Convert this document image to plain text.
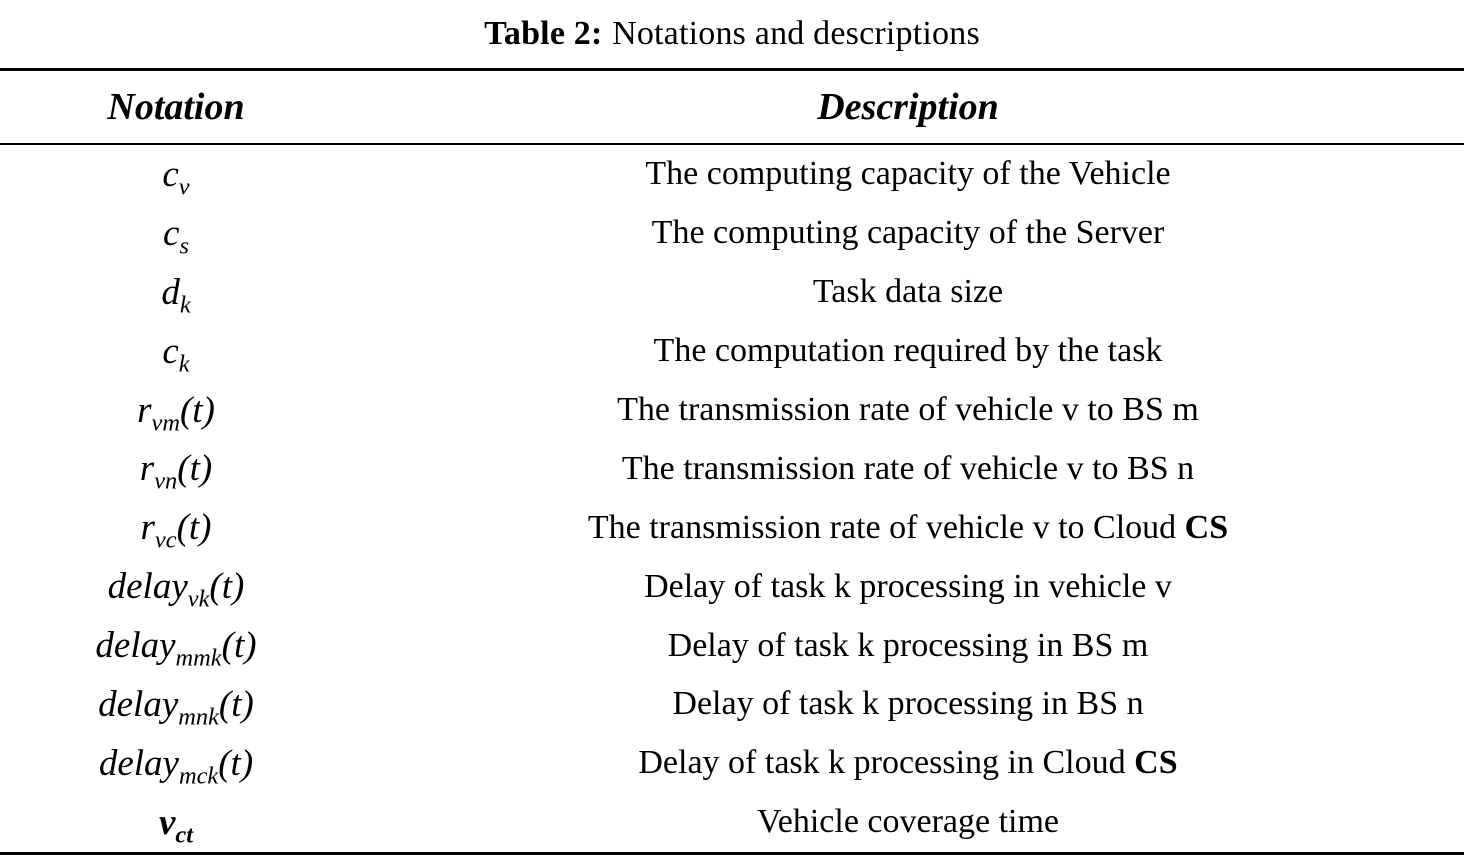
Table 2: Notations and descriptions
Notation	Description
$c_v$	The computing capacity of the Vehicle
$c_s$	The computing capacity of the Server
$d_k$	Task data size
$c_k$	The computation required by the task
$r_{vm}(t)$	The transmission rate of vehicle v to BS m
$r_{vn}(t)$	The transmission rate of vehicle v to BS n
$r_{vc}(t)$	The transmission rate of vehicle v to Cloud CS
delay$_{vk}$(t)	Delay of task k processing in vehicle v
delay$_{mmk}$(t)	Delay of task k processing in BS m
delay$_{mnk}$(t)	Delay of task k processing in BS n
delay$_{mck}$(t)	Delay of task k processing in Cloud CS
$v_{ct}$	Vehicle coverage time
